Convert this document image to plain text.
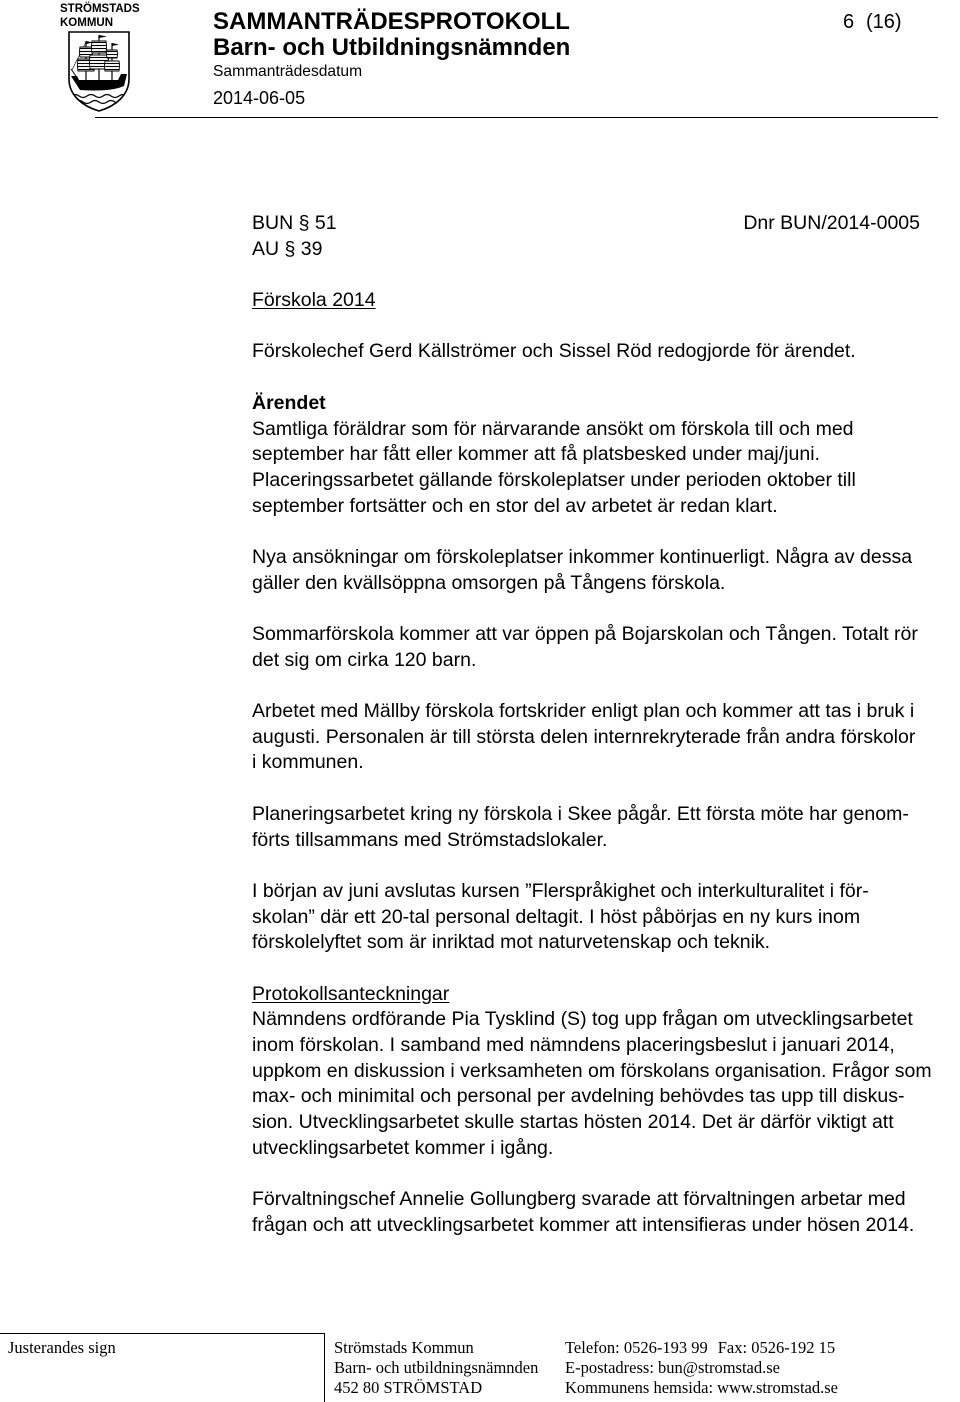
STRÖMSTADS
KOMMUN	SAMMANTRÄDESPROTOKOLL
Barn- och Utbildningsnämnden
Sammanträdesdatum
2014-06-05
6 (16)
BUN § 51	Dnr BUN/2014-0005
AU § 39
Förskola 2014
Förskolechef Gerd Källströmer och Sissel Röd redogjorde för ärendet.
Ärendet
Samtliga föräldrar som för närvarande ansökt om förskola till och med
september har fått eller kommer att få platsbesked under maj/juni.
Placeringssarbetet gällande förskoleplatser under perioden oktober till
september fortsätter och en stor del av arbetet är redan klart.
Nya ansökningar om förskoleplatser inkommer kontinuerligt. Några av dessa
gäller den kvällsöppna omsorgen på Tångens förskola.
Sommarförskola kommer att var öppen på Bojarskolan och Tången. Totalt rör
det sig om cirka 120 barn.
Arbetet med Mällby förskola fortskrider enligt plan och kommer att tas i bruk i
augusti. Personalen är till största delen internrekryterade från andra förskolor
i kommunen.
Planeringsarbetet kring ny förskola i Skee pågår. Ett första möte har genom-
förts tillsammans med Strömstadslokaler.
I början av juni avslutas kursen ”Flerspråkighet och interkulturalitet i för-
skolan” där ett 20-tal personal deltagit. I höst påbörjas en ny kurs inom
förskolelyftet som är inriktad mot naturvetenskap och teknik.
Protokollsanteckningar
Nämndens ordförande Pia Tysklind (S) tog upp frågan om utvecklingsarbetet
inom förskolan. I samband med nämndens placeringsbeslut i januari 2014,
uppkom en diskussion i verksamheten om förskolans organisation. Frågor som
max- och minimital och personal per avdelning behövdes tas upp till diskus-
sion. Utvecklingsarbetet skulle startas hösten 2014. Det är därför viktigt att
utvecklingsarbetet kommer i igång.
Förvaltningschef Annelie Gollungberg svarade att förvaltningen arbetar med
frågan och att utvecklingsarbetet kommer att intensifieras under hösen 2014.
Justerandes sign	Strömstads Kommun
Barn- och utbildningsnämnden
452 80 STRÖMSTAD
Telefon: 0526-193 99 Fax: 0526-192 15
E-postadress: bun@stromstad.se
Kommunens hemsida: www.stromstad.se
